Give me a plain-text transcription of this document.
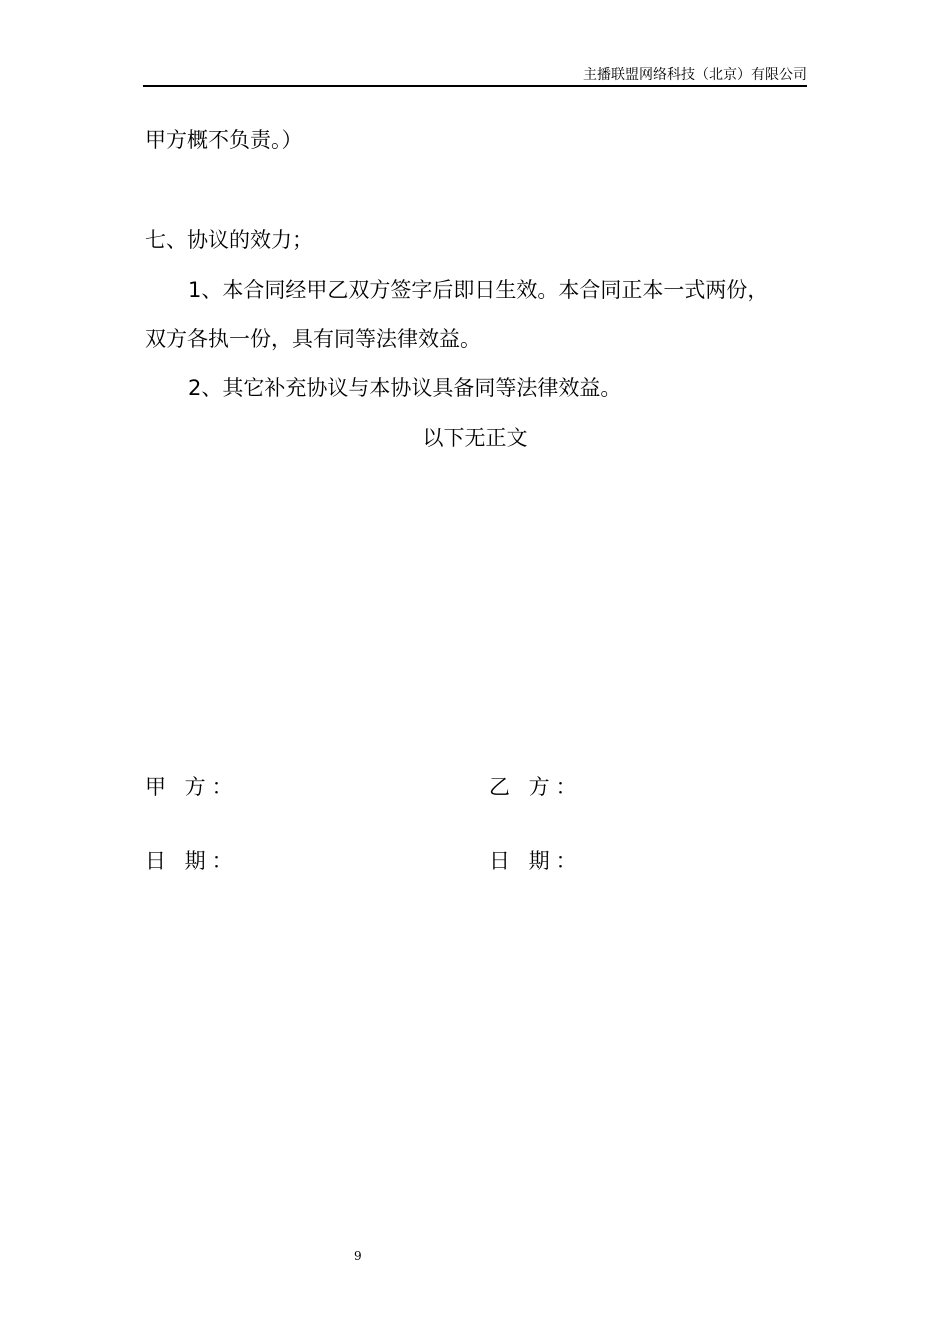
主播联盟网络科技（北京）有限公司
甲方概不负责。）
七、协议的效力；
1、本合同经甲乙双方签字后即日生效。本合同正本一式两份，
双方各执一份，具有同等法律效益。
2、其它补充协议与本协议具备同等法律效益。
以下无正文
甲 方：	乙 方：
日 期：	日 期：
9
